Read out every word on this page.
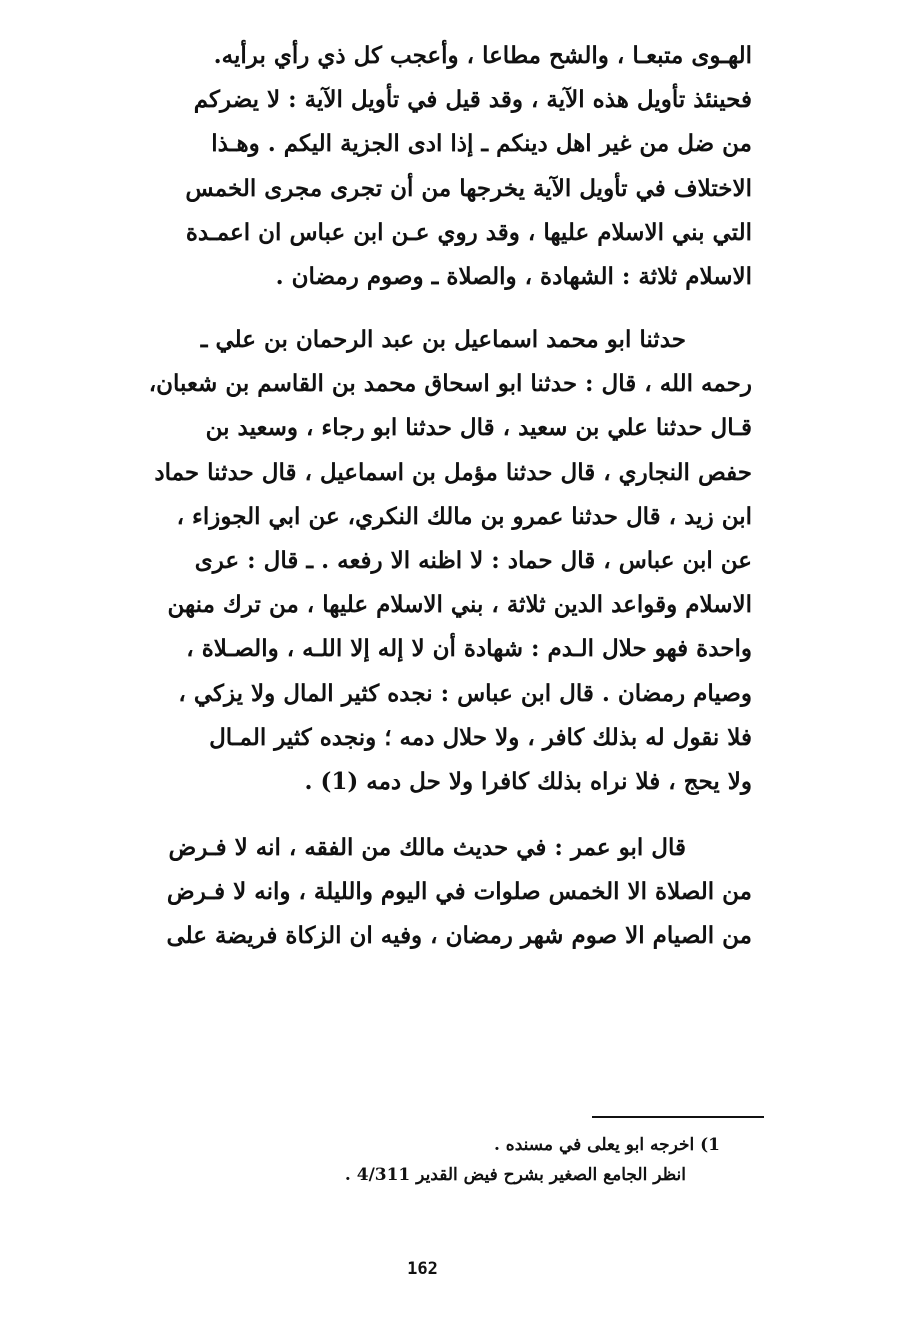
الهـوى متبعـا ، والشح مطاعا ، وأعجب كل ذي رأي برأيه.
فحينئذ تأويل هذه الآية ، وقد قيل في تأويل الآية : لا يضركم
من ضل من غير اهل دينكم ـ إذا ادى الجزية اليكم . وهـذا
الاختلاف في تأويل الآية يخرجها من أن تجرى مجرى الخمس
التي بني الاسلام عليها ، وقد روي عـن ابن عباس ان اعمـدة
الاسلام ثلاثة : الشهادة ، والصلاة ـ وصوم رمضان .
حدثنا ابو محمد اسماعيل بن عبد الرحمان بن علي ـ
رحمه الله ، قال : حدثنا ابو اسحاق محمد بن القاسم بن شعبان،
قـال حدثنا علي بن سعيد ، قال حدثنا ابو رجاء ، وسعيد بن
حفص النجاري ، قال حدثنا مؤمل بن اسماعيل ، قال حدثنا حماد
ابن زيد ، قال حدثنا عمرو بن مالك النكري، عن ابي الجوزاء ،
عن ابن عباس ، قال حماد : لا اظنه الا رفعه . ـ قال : عرى
الاسلام وقواعد الدين ثلاثة ، بني الاسلام عليها ، من ترك منهن
واحدة فهو حلال الـدم : شهادة أن لا إله إلا اللـه ، والصـلاة ،
وصيام رمضان . قال ابن عباس : نجده كثير المال ولا يزكي ،
فلا نقول له بذلك كافر ، ولا حلال دمه ؛ ونجده كثير المـال
ولا يحج ، فلا نراه بذلك كافرا ولا حل دمه (1) .
قال ابو عمر : في حديث مالك من الفقه ، انه لا فـرض
من الصلاة الا الخمس صلوات في اليوم والليلة ، وانه لا فـرض
من الصيام الا صوم شهر رمضان ، وفيه ان الزكاة فريضة على
1) اخرجه ابو يعلى في مسنده .
انظر الجامع الصغير بشرح فيض القدير 4/311 .
162
